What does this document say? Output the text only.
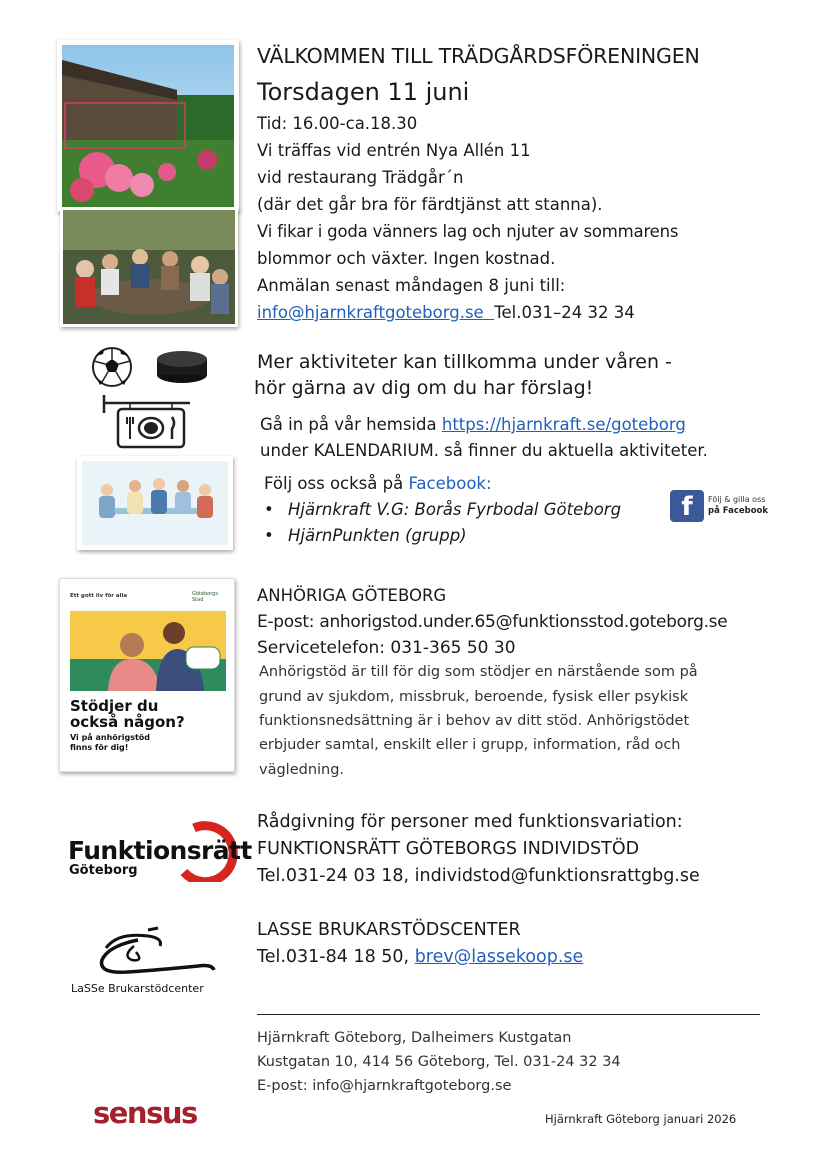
VÄLKOMMEN TILL TRÄDGÅRDSFÖRENINGEN
Torsdagen 11 juni
Tid: 16.00-ca.18.30
Vi träffas vid entrén Nya Allén 11
vid restaurang Trädgår´n
(där det går bra för färdtjänst att stanna).
Vi fikar i goda vänners lag och njuter av sommarens
blommor och växter. Ingen kostnad.
Anmälan senast måndagen 8 juni till:
info@hjarnkraftgoteborg.se Tel.031–24 32 34
Mer aktiviteter kan tillkomma under våren -
hör gärna av dig om du har förslag!
Gå in på vår hemsida https://hjarnkraft.se/goteborg
under KALENDARIUM. så finner du aktuella aktiviteter.
Följ oss också på Facebook:
• Hjärnkraft V.G: Borås Fyrbodal Göteborg
• HjärnPunkten (grupp)
f	Följ & gilla oss
på Facebook
Ett gott liv för alla	Göteborgs Stad
Stödjer du
också någon?
Vi på anhörigstöd
finns för dig!
ANHÖRIGA GÖTEBORG
E-post: anhorigstod.under.65@funktionsstod.goteborg.se
Servicetelefon: 031-365 50 30
Anhörigstöd är till för dig som stödjer en närstående som på
grund av sjukdom, missbruk, beroende, fysisk eller psykisk
funktionsnedsättning är i behov av ditt stöd. Anhörigstödet
erbjuder samtal, enskilt eller i grupp, information, råd och
vägledning.
Funktionsrätt
Göteborg
Rådgivning för personer med funktionsvariation:
FUNKTIONSRÄTT GÖTEBORGS INDIVIDSTÖD
Tel.031-24 03 18, individstod@funktionsrattgbg.se
LaSSe Brukarstödcenter
LASSE BRUKARSTÖDSCENTER
Tel.031-84 18 50, brev@lassekoop.se
Hjärnkraft Göteborg, Dalheimers Kustgatan
Kustgatan 10, 414 56 Göteborg, Tel. 031-24 32 34
E-post: info@hjarnkraftgoteborg.se
sensus	Hjärnkraft Göteborg januari 2026
